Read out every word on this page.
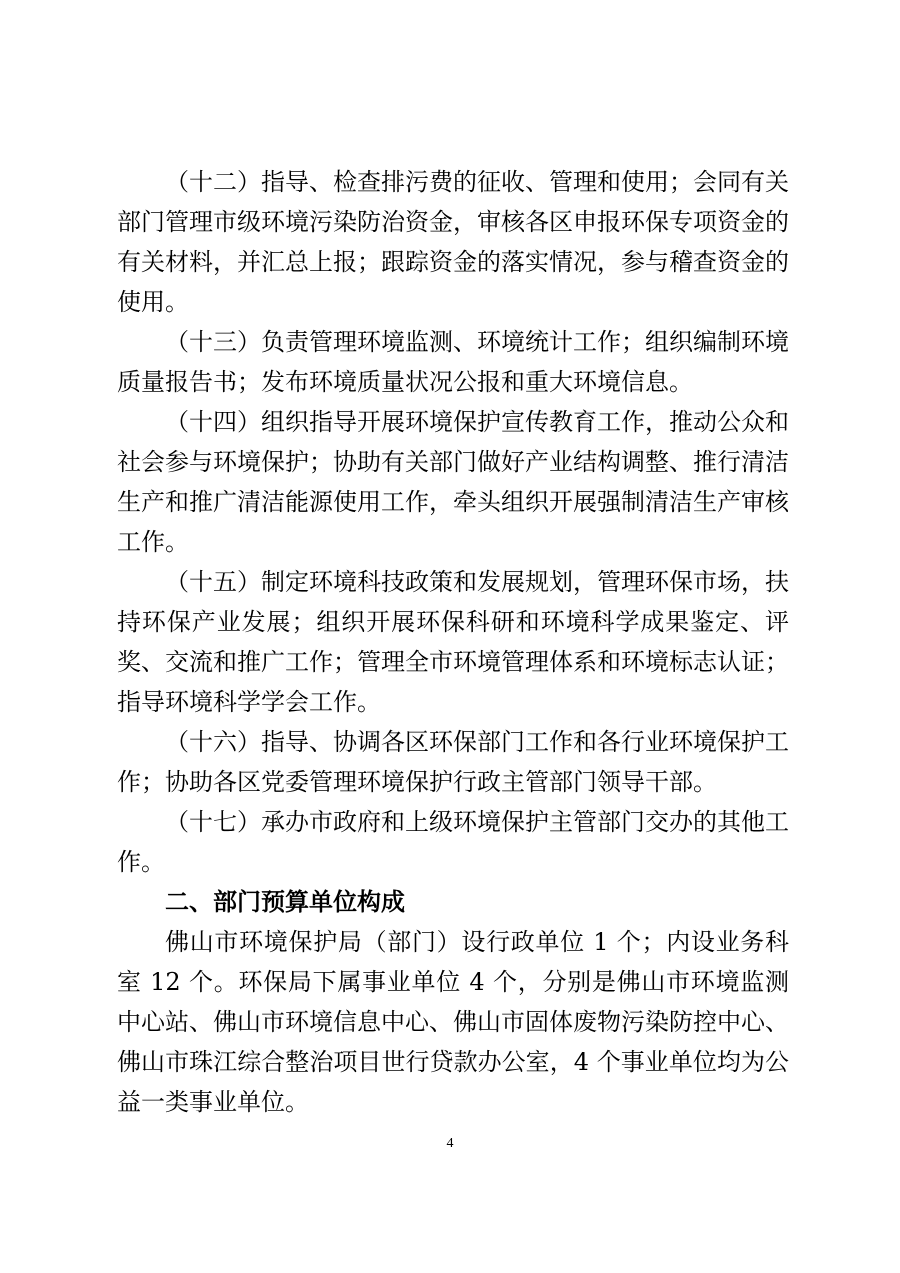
（十二）指导、检查排污费的征收、管理和使用；会同有关部门管理市级环境污染防治资金，审核各区申报环保专项资金的有关材料，并汇总上报；跟踪资金的落实情况，参与稽查资金的使用。

（十三）负责管理环境监测、环境统计工作；组织编制环境质量报告书；发布环境质量状况公报和重大环境信息。

（十四）组织指导开展环境保护宣传教育工作，推动公众和社会参与环境保护；协助有关部门做好产业结构调整、推行清洁生产和推广清洁能源使用工作，牵头组织开展强制清洁生产审核工作。

（十五）制定环境科技政策和发展规划，管理环保市场，扶持环保产业发展；组织开展环保科研和环境科学成果鉴定、评奖、交流和推广工作；管理全市环境管理体系和环境标志认证；指导环境科学学会工作。

（十六）指导、协调各区环保部门工作和各行业环境保护工作；协助各区党委管理环境保护行政主管部门领导干部。

（十七）承办市政府和上级环境保护主管部门交办的其他工作。

二、部门预算单位构成

佛山市环境保护局（部门）设行政单位 1 个；内设业务科室 12 个。环保局下属事业单位 4 个，分别是佛山市环境监测中心站、佛山市环境信息中心、佛山市固体废物污染防控中心、佛山市珠江综合整治项目世行贷款办公室，4 个事业单位均为公益一类事业单位。

4
